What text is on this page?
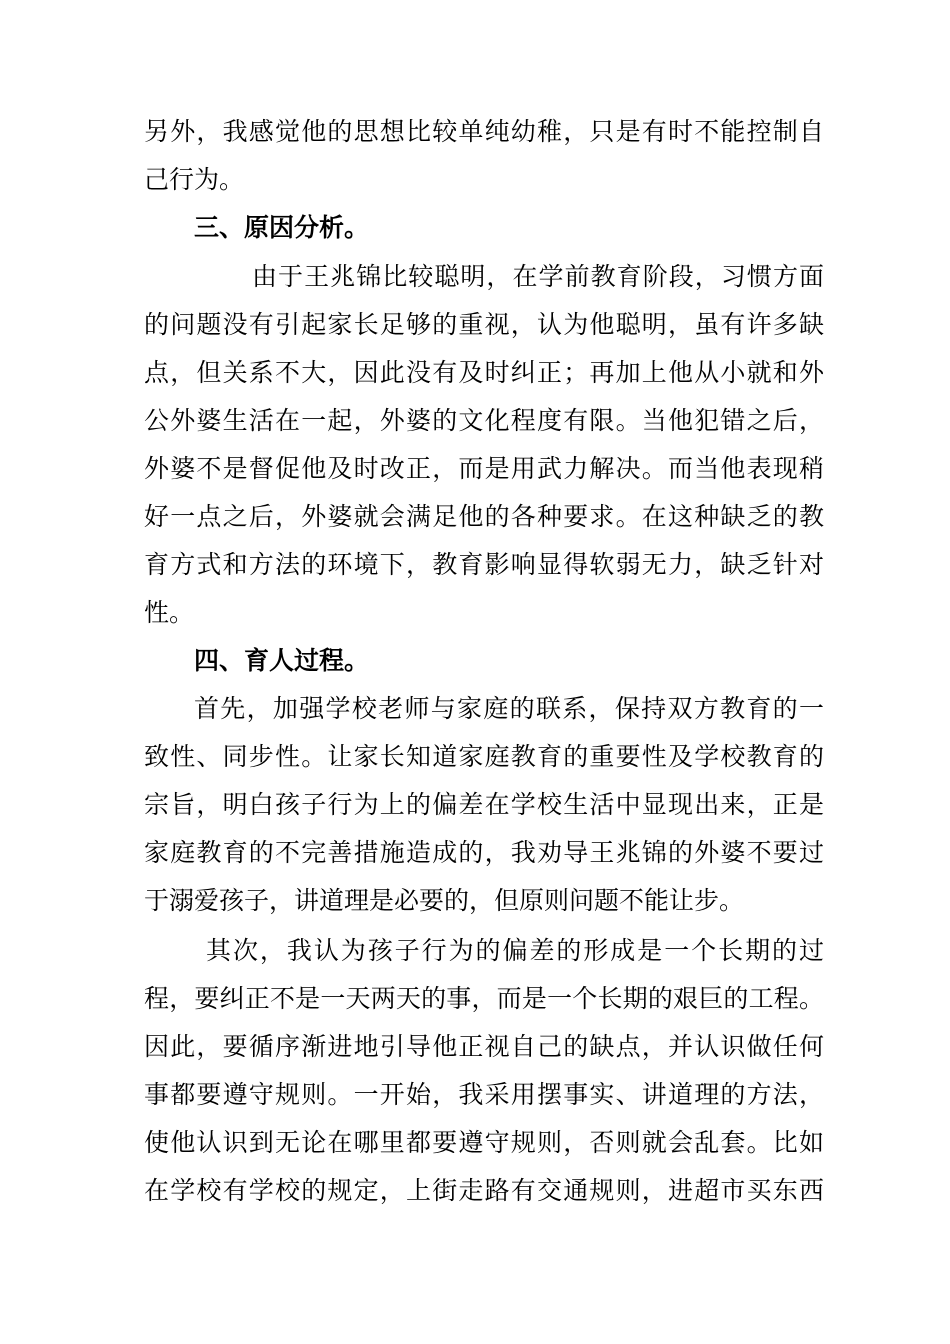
另外，我感觉他的思想比较单纯幼稚，只是有时不能控制自
己行为。
三、原因分析。
由于王兆锦比较聪明，在学前教育阶段，习惯方面
的问题没有引起家长足够的重视，认为他聪明，虽有许多缺
点，但关系不大，因此没有及时纠正；再加上他从小就和外
公外婆生活在一起，外婆的文化程度有限。当他犯错之后，
外婆不是督促他及时改正，而是用武力解决。而当他表现稍
好一点之后，外婆就会满足他的各种要求。在这种缺乏的教
育方式和方法的环境下，教育影响显得软弱无力，缺乏针对
性。
四、育人过程。
首先，加强学校老师与家庭的联系，保持双方教育的一
致性、同步性。让家长知道家庭教育的重要性及学校教育的
宗旨，明白孩子行为上的偏差在学校生活中显现出来，正是
家庭教育的不完善措施造成的，我劝导王兆锦的外婆不要过
于溺爱孩子，讲道理是必要的，但原则问题不能让步。
其次，我认为孩子行为的偏差的形成是一个长期的过
程，要纠正不是一天两天的事，而是一个长期的艰巨的工程。
因此，要循序渐进地引导他正视自己的缺点，并认识做任何
事都要遵守规则。一开始，我采用摆事实、讲道理的方法，
使他认识到无论在哪里都要遵守规则，否则就会乱套。比如
在学校有学校的规定，上街走路有交通规则，进超市买东西
